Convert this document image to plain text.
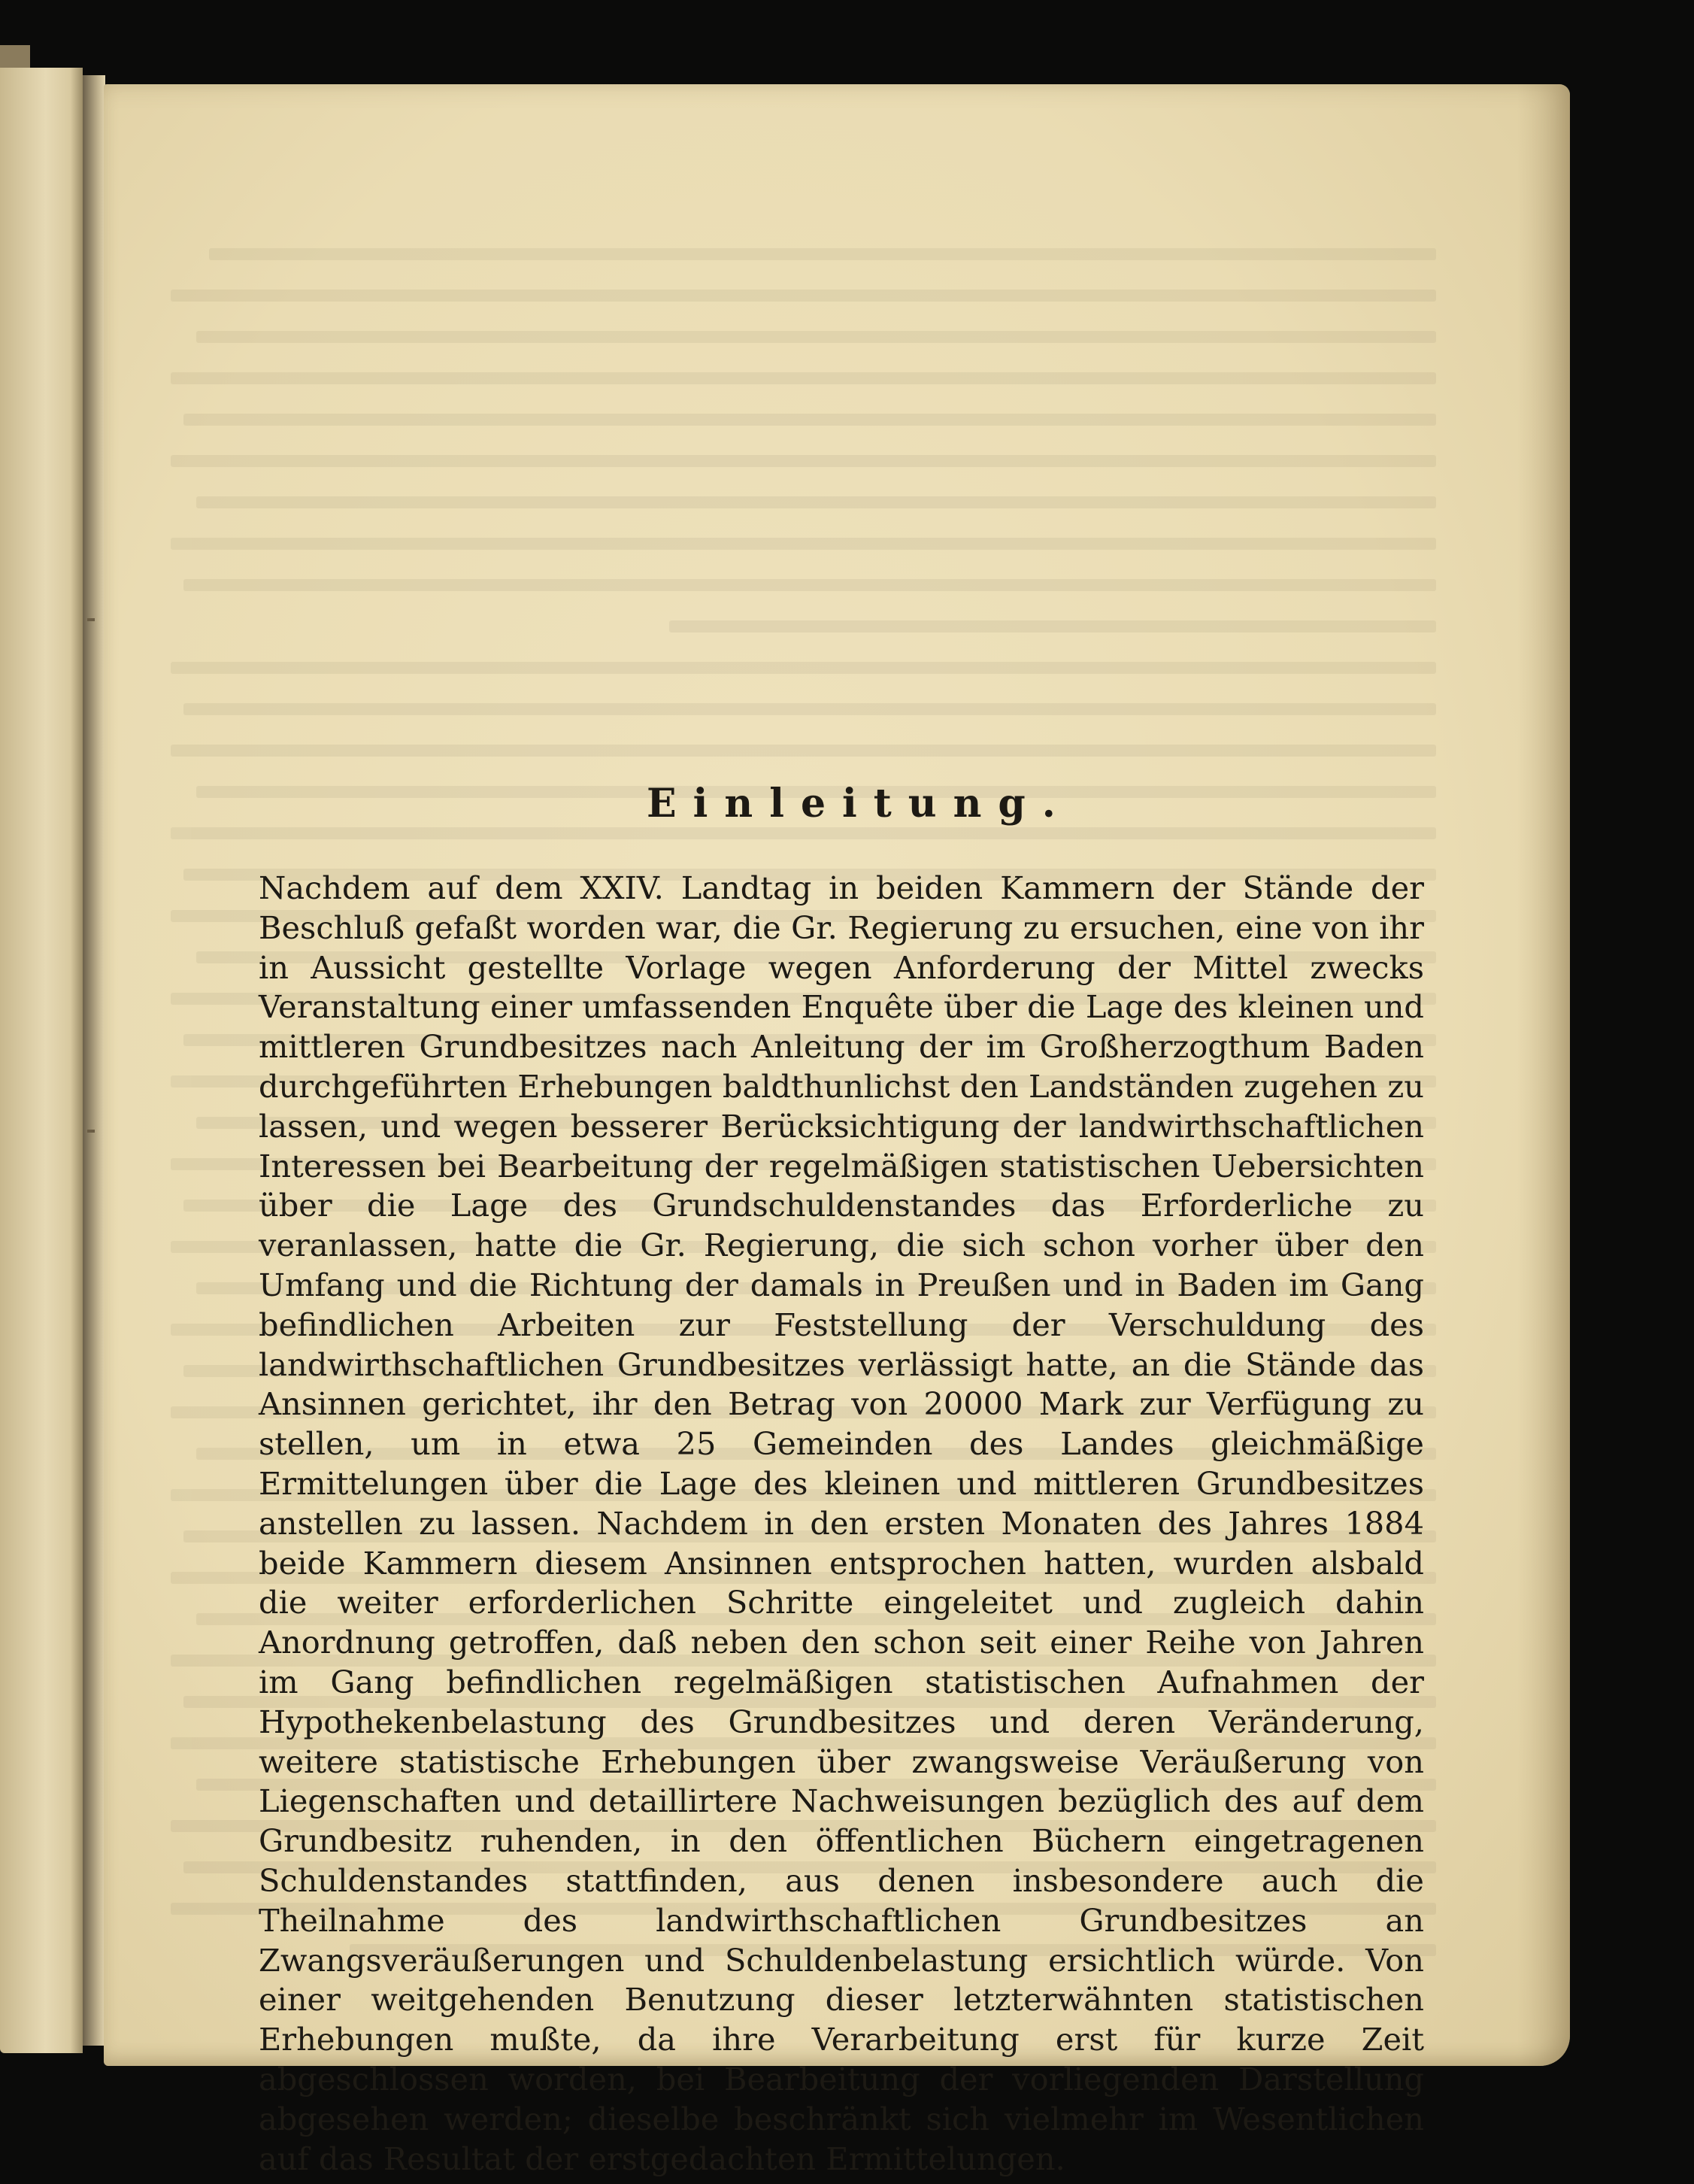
Einleitung.

Nachdem auf dem XXIV. Landtag in beiden Kammern der Stände der Beschluß gefaßt worden war, die Gr. Regierung zu ersuchen, eine von ihr in Aussicht gestellte Vorlage wegen Anforderung der Mittel zwecks Veranstaltung einer umfassenden Enquête über die Lage des kleinen und mittleren Grundbesitzes nach Anleitung der im Großherzogthum Baden durchgeführten Erhebungen baldthunlichst den Landständen zugehen zu lassen, und wegen besserer Berücksichtigung der landwirthschaftlichen Interessen bei Bearbeitung der regelmäßigen statistischen Uebersichten über die Lage des Grundschuldenstandes das Erforderliche zu veranlassen, hatte die Gr. Regierung, die sich schon vorher über den Umfang und die Richtung der damals in Preußen und in Baden im Gang befindlichen Arbeiten zur Feststellung der Verschuldung des landwirthschaftlichen Grundbesitzes verlässigt hatte, an die Stände das Ansinnen gerichtet, ihr den Betrag von 20000 Mark zur Verfügung zu stellen, um in etwa 25 Gemeinden des Landes gleichmäßige Ermittelungen über die Lage des kleinen und mittleren Grundbesitzes anstellen zu lassen. Nachdem in den ersten Monaten des Jahres 1884 beide Kammern diesem Ansinnen entsprochen hatten, wurden alsbald die weiter erforderlichen Schritte eingeleitet und zugleich dahin Anordnung getroffen, daß neben den schon seit einer Reihe von Jahren im Gang befindlichen regelmäßigen statistischen Aufnahmen der Hypothekenbelastung des Grundbesitzes und deren Veränderung, weitere statistische Erhebungen über zwangsweise Veräußerung von Liegenschaften und detaillirtere Nachweisungen bezüglich des auf dem Grundbesitz ruhenden, in den öffentlichen Büchern eingetragenen Schuldenstandes stattfinden, aus denen insbesondere auch die Theilnahme des landwirthschaftlichen Grundbesitzes an Zwangsveräußerungen und Schuldenbelastung ersichtlich würde. Von einer weitgehenden Benutzung dieser letzterwähnten statistischen Erhebungen mußte, da ihre Verarbeitung erst für kurze Zeit abgeschlossen worden, bei Bearbeitung der vorliegenden Darstellung abgesehen werden; dieselbe beschränkt sich vielmehr im Wesentlichen auf das Resultat der erstgedachten Ermittelungen.
